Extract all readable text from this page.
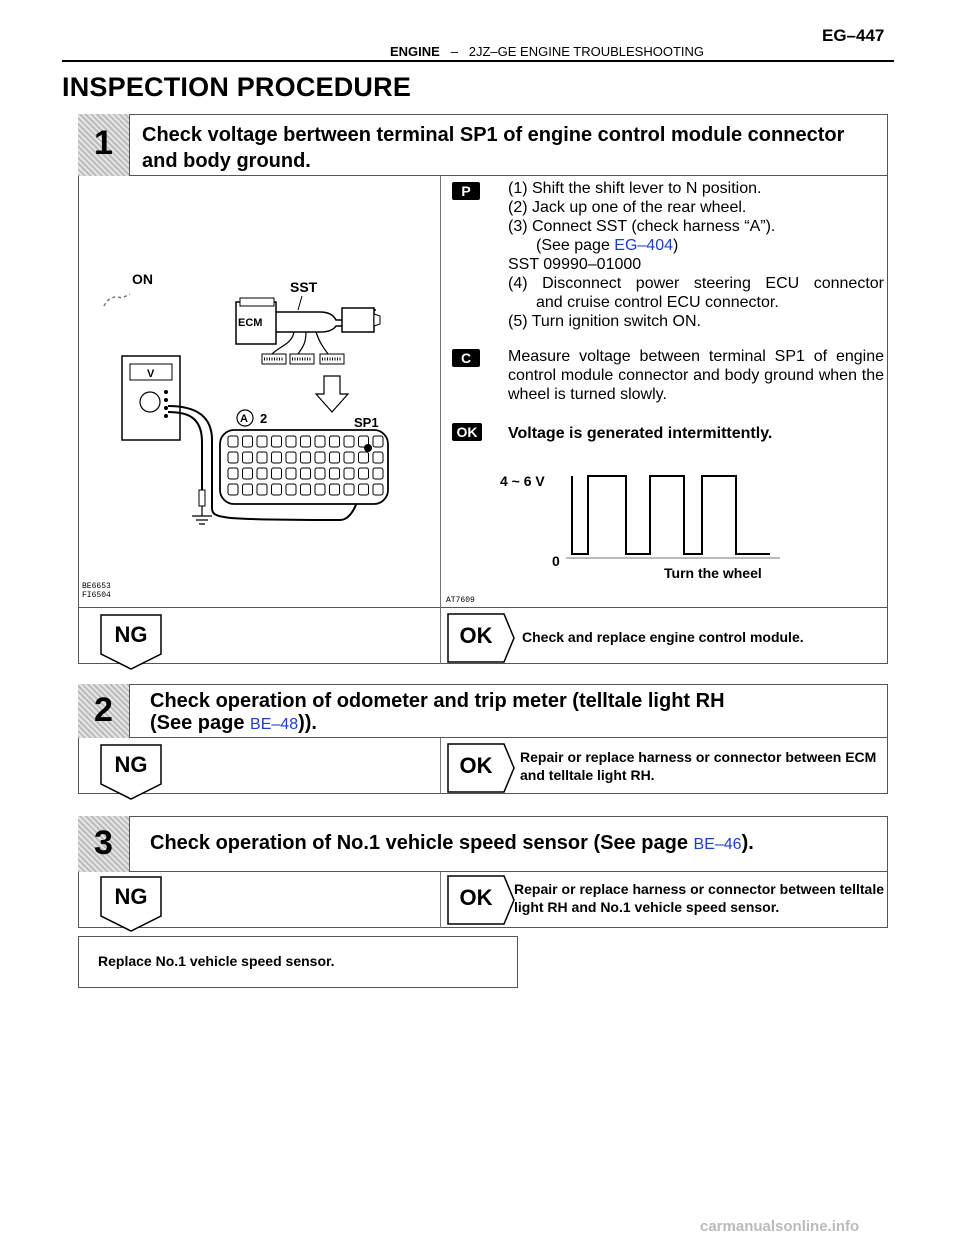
ENGINE – 2JZ–GE ENGINE TROUBLESHOOTING
EG–447
INSPECTION PROCEDURE
1 Check voltage bertween terminal SP1 of engine control module connector
and body ground.
ON	SST
ECM
V
A 2	SP1
BE6653
FI6504
P	(1) Shift the shift lever to N position.
(2) Jack up one of the rear wheel.
(3) Connect SST (check harness “A”).
(See page EG–404)
SST 09990–01000
(4) Disconnect power steering ECU connector
and cruise control ECU connector.
(5) Turn ignition switch ON.
C	Measure voltage between terminal SP1 of engine control module connector and body ground when the wheel is turned slowly.
OK Voltage is generated intermittently.
4 ~ 6 V
0
Turn the wheel
AT7609
NG	OK	Check and replace engine control module.
2 Check operation of odometer and trip meter (telltale light RH
(See page BE–48)).
NG	OK	Repair or replace harness or connector between ECM and telltale light RH.
3 Check operation of No.1 vehicle speed sensor (See page BE–46).
NG	OK	Repair or replace harness or connector between telltale light RH and No.1 vehicle speed sensor.
Replace No.1 vehicle speed sensor.
carmanualsonline.info
